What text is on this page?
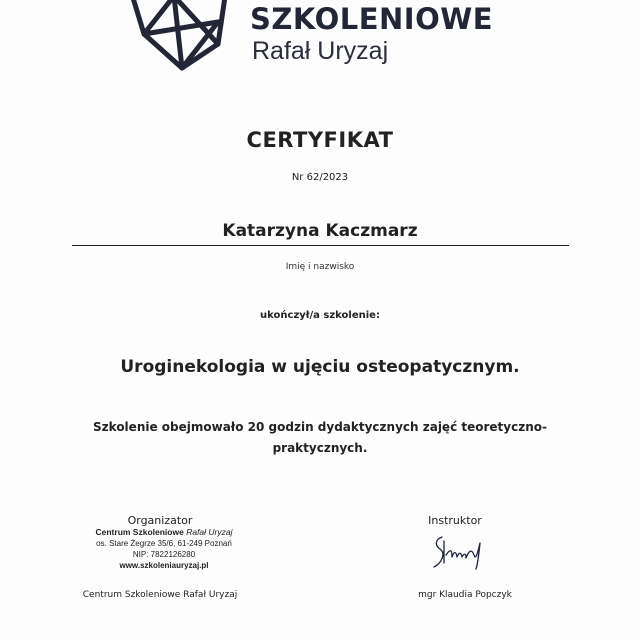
SZKOLENIOWE
Rafał Uryzaj
CERTYFIKAT
Nr 62/2023
Katarzyna Kaczmarz
Imię i nazwisko
ukończył/a szkolenie:
Uroginekologia w ujęciu osteopatycznym.
Szkolenie obejmowało 20 godzin dydaktycznych zajęć teoretyczno-
praktycznych.
Organizator
Centrum Szkoleniowe Rafał Uryzaj
os. Stare Żegrze 35/6, 61-249 Poznań
NIP: 7822126280
www.szkoleniauryzaj.pl
Centrum Szkoleniowe Rafał Uryzaj
Instruktor
mgr Klaudia Popczyk
